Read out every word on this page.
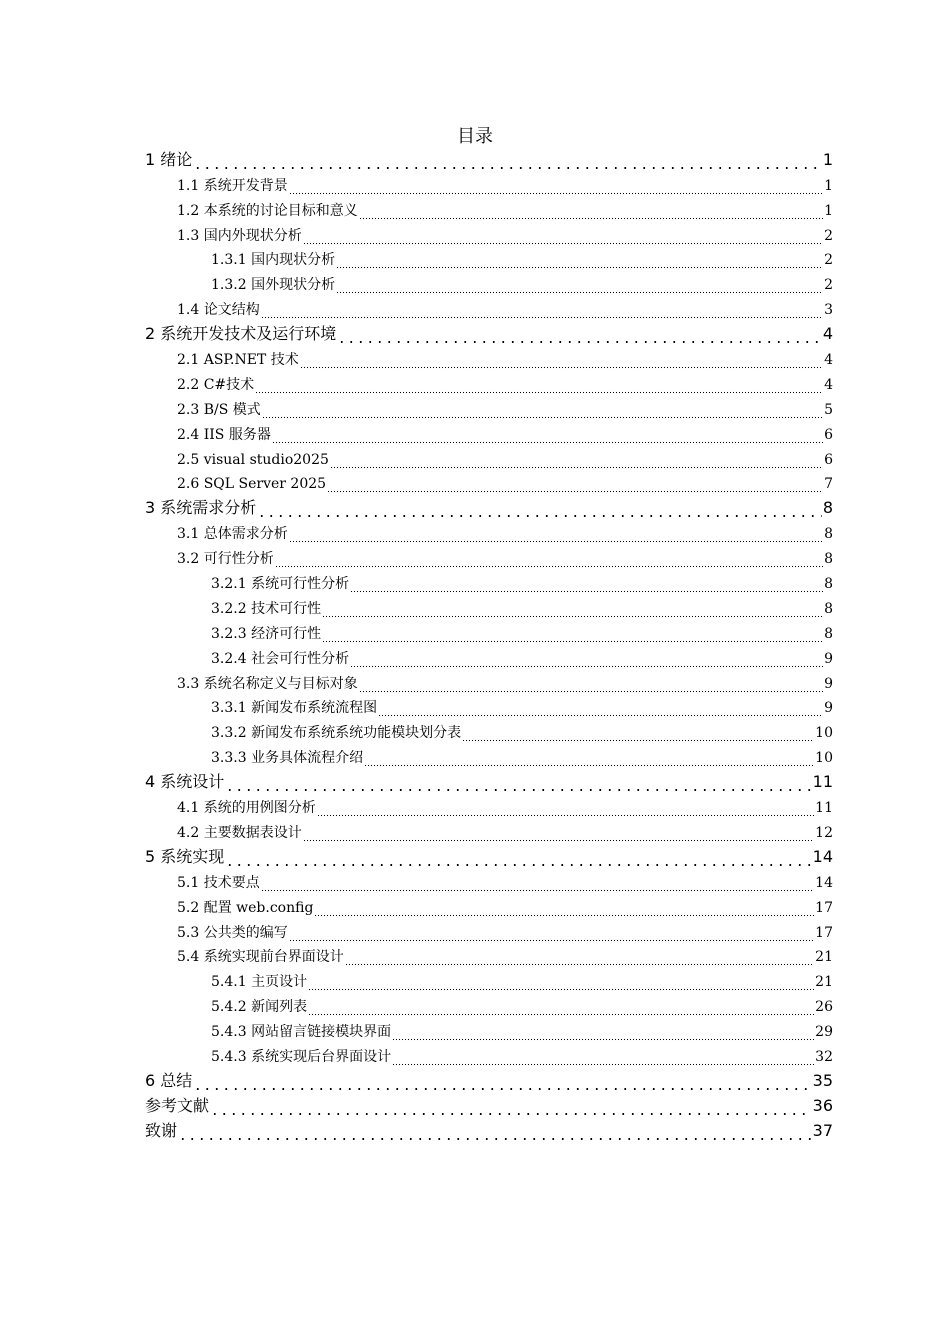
目录
1 绪论	1
1.1 系统开发背景	1
1.2 本系统的讨论目标和意义	1
1.3 国内外现状分析	2
1.3.1 国内现状分析	2
1.3.2 国外现状分析	2
1.4 论文结构	3
2 系统开发技术及运行环境	4
2.1 ASP.NET 技术	4
2.2 C#技术	4
2.3 B/S 模式	5
2.4 IIS 服务器	6
2.5 visual studio2025	6
2.6 SQL Server 2025	7
3 系统需求分析	8
3.1 总体需求分析	8
3.2 可行性分析	8
3.2.1 系统可行性分析	8
3.2.2 技术可行性	8
3.2.3 经济可行性	8
3.2.4 社会可行性分析	9
3.3 系统名称定义与目标对象	9
3.3.1 新闻发布系统流程图	9
3.3.2 新闻发布系统系统功能模块划分表	10
3.3.3 业务具体流程介绍	10
4 系统设计	11
4.1 系统的用例图分析	11
4.2 主要数据表设计	12
5 系统实现	14
5.1 技术要点	14
5.2 配置 web.config	17
5.3 公共类的编写	17
5.4 系统实现前台界面设计	21
5.4.1 主页设计	21
5.4.2 新闻列表	26
5.4.3 网站留言链接模块界面	29
5.4.3 系统实现后台界面设计	32
6 总结	35
参考文献	36
致谢	37
